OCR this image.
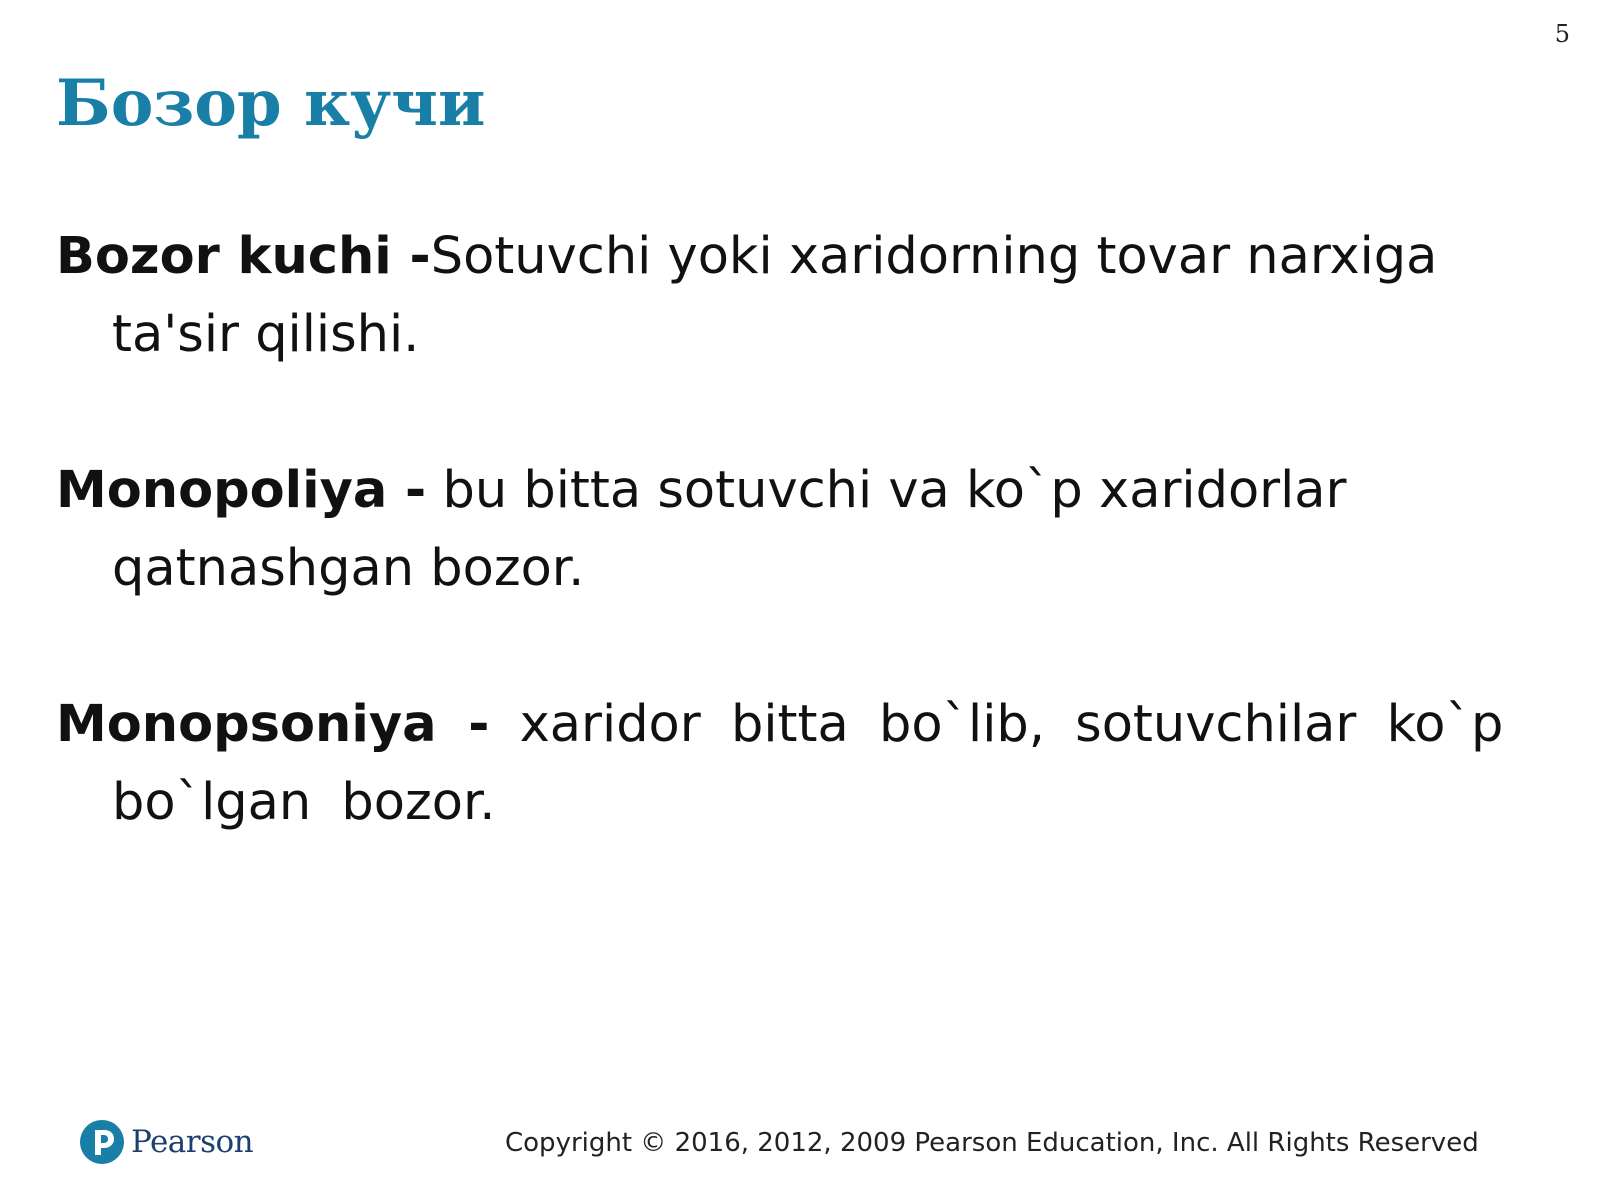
5
Бозор кучи
Bozor kuchi -Sotuvchi yoki xaridorning tovar narxiga ta'sir qilishi.
Monopoliya - bu bitta sotuvchi va ko`p xaridorlar qatnashgan bozor.
Monopsoniya - xaridor bitta bo`lib, sotuvchilar ko`p bo`lgan bozor.
Pearson	Copyright © 2016, 2012, 2009 Pearson Education, Inc. All Rights Reserved
